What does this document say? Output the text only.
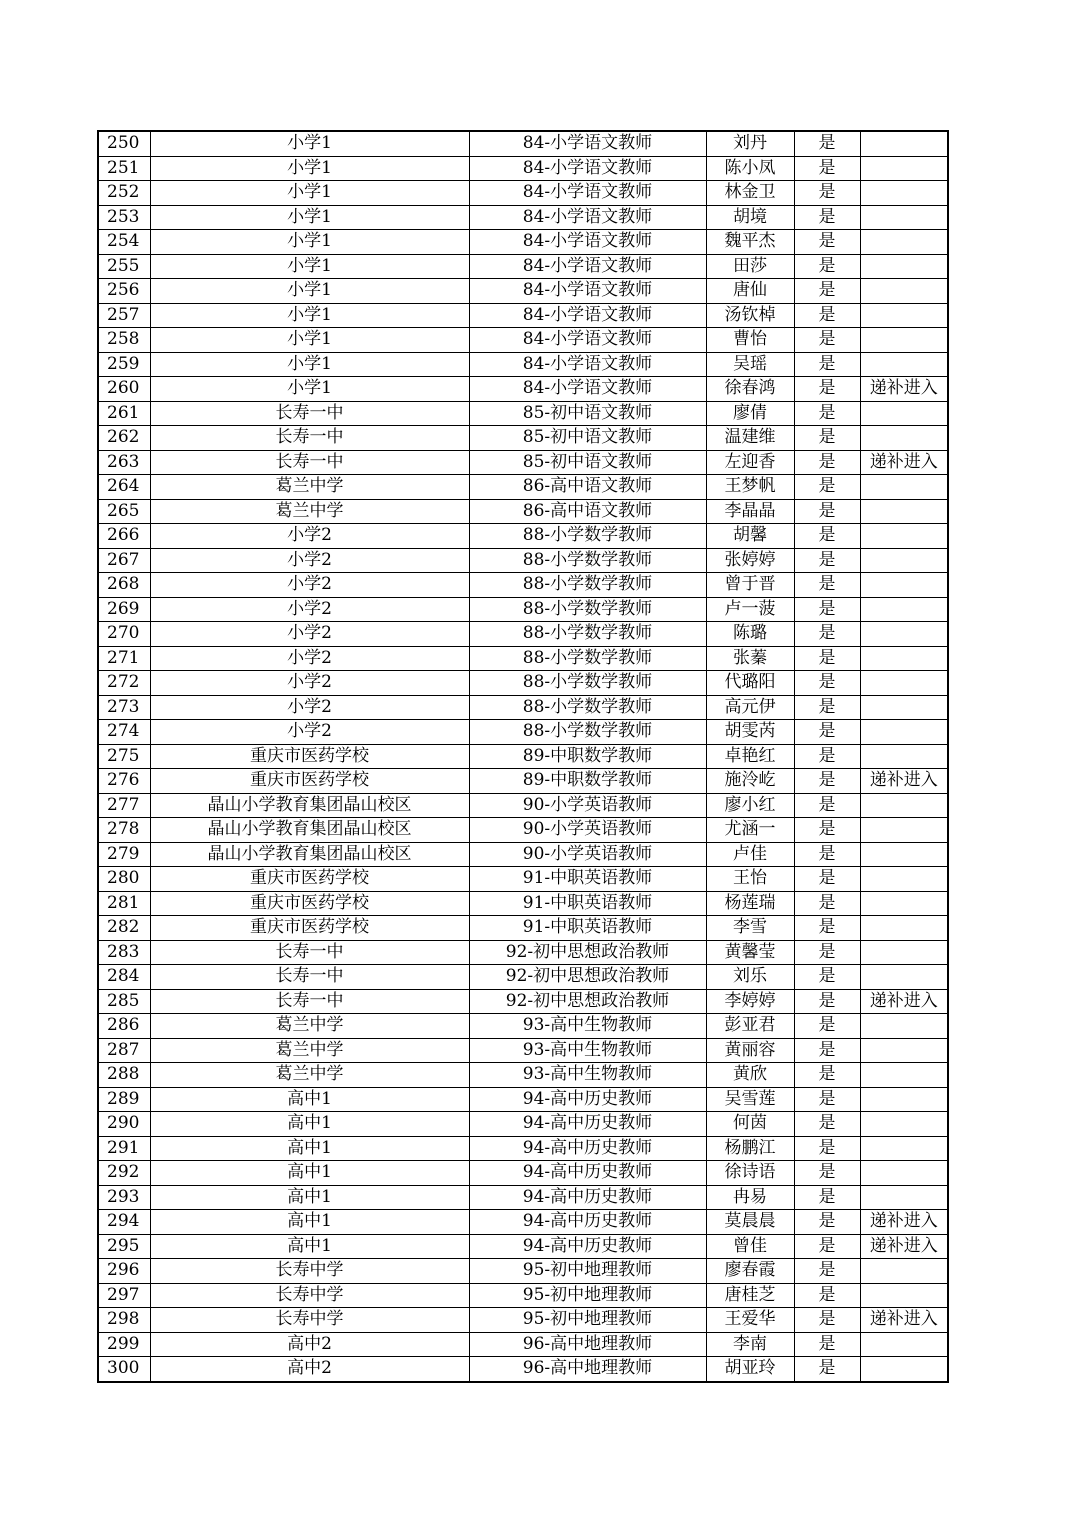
250	小学1	84-小学语文教师	刘丹	是	
251	小学1	84-小学语文教师	陈小凤	是	
252	小学1	84-小学语文教师	林金卫	是	
253	小学1	84-小学语文教师	胡境	是	
254	小学1	84-小学语文教师	魏平杰	是	
255	小学1	84-小学语文教师	田莎	是	
256	小学1	84-小学语文教师	唐仙	是	
257	小学1	84-小学语文教师	汤钦棹	是	
258	小学1	84-小学语文教师	曹怡	是	
259	小学1	84-小学语文教师	吴瑶	是	
260	小学1	84-小学语文教师	徐春鸿	是	递补进入
261	长寿一中	85-初中语文教师	廖倩	是	
262	长寿一中	85-初中语文教师	温建维	是	
263	长寿一中	85-初中语文教师	左迎香	是	递补进入
264	葛兰中学	86-高中语文教师	王梦帆	是	
265	葛兰中学	86-高中语文教师	李晶晶	是	
266	小学2	88-小学数学教师	胡馨	是	
267	小学2	88-小学数学教师	张婷婷	是	
268	小学2	88-小学数学教师	曾于晋	是	
269	小学2	88-小学数学教师	卢一菠	是	
270	小学2	88-小学数学教师	陈璐	是	
271	小学2	88-小学数学教师	张蓁	是	
272	小学2	88-小学数学教师	代璐阳	是	
273	小学2	88-小学数学教师	高元伊	是	
274	小学2	88-小学数学教师	胡雯芮	是	
275	重庆市医药学校	89-中职数学教师	卓艳红	是	
276	重庆市医药学校	89-中职数学教师	施泠屹	是	递补进入
277	晶山小学教育集团晶山校区	90-小学英语教师	廖小红	是	
278	晶山小学教育集团晶山校区	90-小学英语教师	尤涵一	是	
279	晶山小学教育集团晶山校区	90-小学英语教师	卢佳	是	
280	重庆市医药学校	91-中职英语教师	王怡	是	
281	重庆市医药学校	91-中职英语教师	杨莲瑞	是	
282	重庆市医药学校	91-中职英语教师	李雪	是	
283	长寿一中	92-初中思想政治教师	黄馨莹	是	
284	长寿一中	92-初中思想政治教师	刘乐	是	
285	长寿一中	92-初中思想政治教师	李婷婷	是	递补进入
286	葛兰中学	93-高中生物教师	彭亚君	是	
287	葛兰中学	93-高中生物教师	黄丽容	是	
288	葛兰中学	93-高中生物教师	黄欣	是	
289	高中1	94-高中历史教师	吴雪莲	是	
290	高中1	94-高中历史教师	何茵	是	
291	高中1	94-高中历史教师	杨鹏江	是	
292	高中1	94-高中历史教师	徐诗语	是	
293	高中1	94-高中历史教师	冉易	是	
294	高中1	94-高中历史教师	莫晨晨	是	递补进入
295	高中1	94-高中历史教师	曾佳	是	递补进入
296	长寿中学	95-初中地理教师	廖春霞	是	
297	长寿中学	95-初中地理教师	唐桂芝	是	
298	长寿中学	95-初中地理教师	王爱华	是	递补进入
299	高中2	96-高中地理教师	李南	是	
300	高中2	96-高中地理教师	胡亚玲	是	
